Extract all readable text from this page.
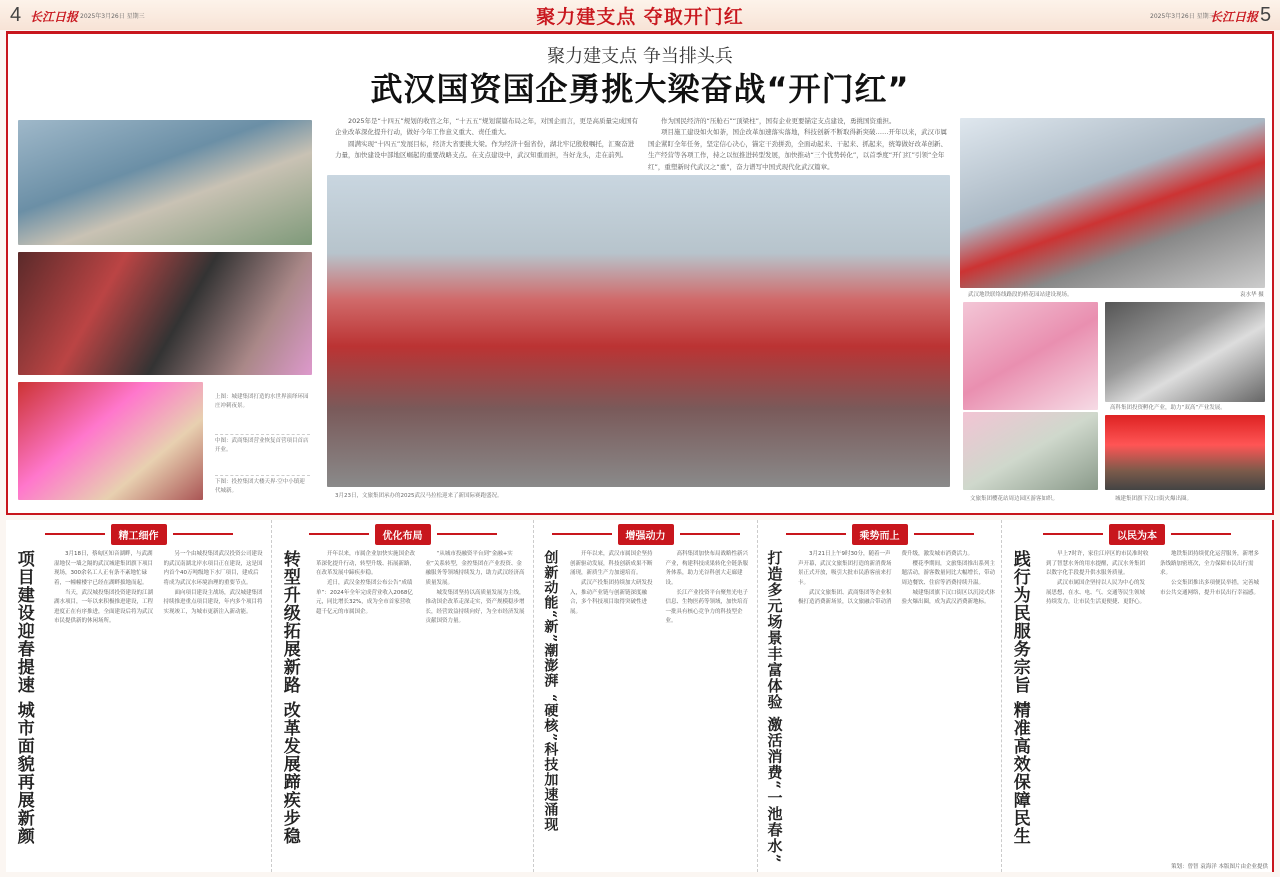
4 长江日报 2025年3月26日 星期三	聚力建支点 夺取开门红	2025年3月26日 星期三
长江日报 5
聚力建支点 争当排头兵
武汉国资国企勇挑大梁奋战“开门红”

2025年是“十四五”规划的收官之年，“十五五”规划谋篇布局之年，对国企而言，更是高质量完成国有企业改革深化提升行动，做好今年工作意义重大、责任重大。

圆满实现“十四五”发展目标，经济大省要挑大梁。作为经济十强省份，湖北牢记殷殷嘱托，汇聚奋进力量，加快建设中部地区崛起的重要战略支点。在支点建设中，武汉知重而担，当好龙头，走在前列。

作为国民经济的“压舱石”“顶梁柱”，国有企业更要锚定支点建设，勇挑国资重担。

项目施工建设如火如荼，国企改革加速落实落地，科技创新不断取得新突破……开年以来，武汉市属国企紧盯全年任务，坚定信心决心，锚定干劲拼劲，全面动起来、干起来、抓起来，统筹做好改革创新、生产经营等各项工作，持之以恒推进转型发展，加快推动“三个优势转化”，以首季度“开门红”引领“全年红”，重塑新时代武汉之“重”，奋力谱写中国式现代化武汉篇章。

上图：城建集团打造的水世界演绎环园庄冲刺夜景。
中图：武商集团营业恢复首营项目首店开业。
下图：投控集团大楼天界·空中小镇迎代城新。
3月23日，文旅集团承办的2025武汉马拉松迎来了新国际赛跑盛况。
武汉地铁联络线路段的桥花园站建设现场。	袁水华 摄
高科集团投资孵化产业，助力“双高”产业发展。
文旅集团樱花站周边园区游客如织。	城建集团旗下汉口街火爆出圈。
精工细作
项目建设迎春提速 城市面貌再展新颜	3月18日，蔡甸区知音湖畔，与武湖湿地仅一墙之隔的武汉城建集团旗下项目现场，300余名工人正有条不紊地忙碌着，一幢幢楼宇已经在湖畔拔地而起。

当天，武汉城投集团投资建设的江湖湖水项目，一年以来积极推进建设，工程进度正在有序推进，全面建设后将为武汉市民提供新的休闲场所。

另一个由城投集团武汉投资公司建设的武汉南湖北岸水项目正在建设，这是国内首个40万吨级地下水厂项目，建成后将成为武汉水环境治理的重要节点。

面向项目建设主战场，武汉城建集团持续推进重点项目建设，年内多个项目将实现竣工，为城市更新注入新动能。

优化布局
转型升级拓展新路 改革发展蹄疾步稳	开年以来，市属企业加快实施国企改革深化提升行动，转型升级、拓展新路，在改革发展中蹄疾步稳。

近日，武汉金控集团公布公告“成绩单”：2024年全年完成营业收入2068亿元，同比增长32%，成为全市首家营收超千亿元的市属国企。

“从城市投融资平台到”金融+实业”关系转型，金控集团在产业投资、金融服务等领域持续发力，助力武汉经济高质量发展。

城发集团坚持以高质量发展为主线，推动国企改革走深走实，资产规模稳步增长，经营效益持续向好，为全市经济发展贡献国资力量。

增强动力
创新动能“新”潮澎湃 “硬核”科技加速涌现	开年以来，武汉市属国企坚持创新驱动发展，科技创新成果不断涌现，新质生产力加速培育。

武汉产投集团持续加大研发投入，推动产业链与创新链深度融合，多个科技项目取得突破性进展。

高科集团加快布局战略性新兴产业，构建科技成果转化全链条服务体系，助力光谷科创大走廊建设。

长江产业投资平台聚焦光电子信息、生物医药等领域，加快培育一批具有核心竞争力的科技型企业。

乘势而上
打造多元场景丰富体验 激活消费“一池春水”	3月21日上午9时30分，随着一声声开幕，武汉文旅集团打造的新消费场景正式开放，吸引大批市民游客前来打卡。

武汉文旅集团、武商集团等企业积极打造消费新场景，以文旅融合带动消费升级，激发城市消费活力。

樱花季期间，文旅集团推出系列主题活动，游客数量同比大幅增长，带动周边餐饮、住宿等消费持续升温。

城建集团旗下汉口街区以沉浸式体验火爆出圈，成为武汉消费新地标。

以民为本
践行为民服务宗旨 精准高效保障民生	早上7时许，家住江岸区的市民准时收到了智慧水务的用水提醒，武汉水务集团以数字化手段提升供水服务质量。

武汉市属国企坚持以人民为中心的发展思想，在水、电、气、交通等民生领域持续发力，让市民生活更便捷、更舒心。

地铁集团持续优化运营服务，新增多条线路加密班次，全力保障市民出行需求。

公交集团推出多项便民举措，完善城市公共交通网络，提升市民出行幸福感。

策划：曾智 袁海洋 本版图片由企业提供
